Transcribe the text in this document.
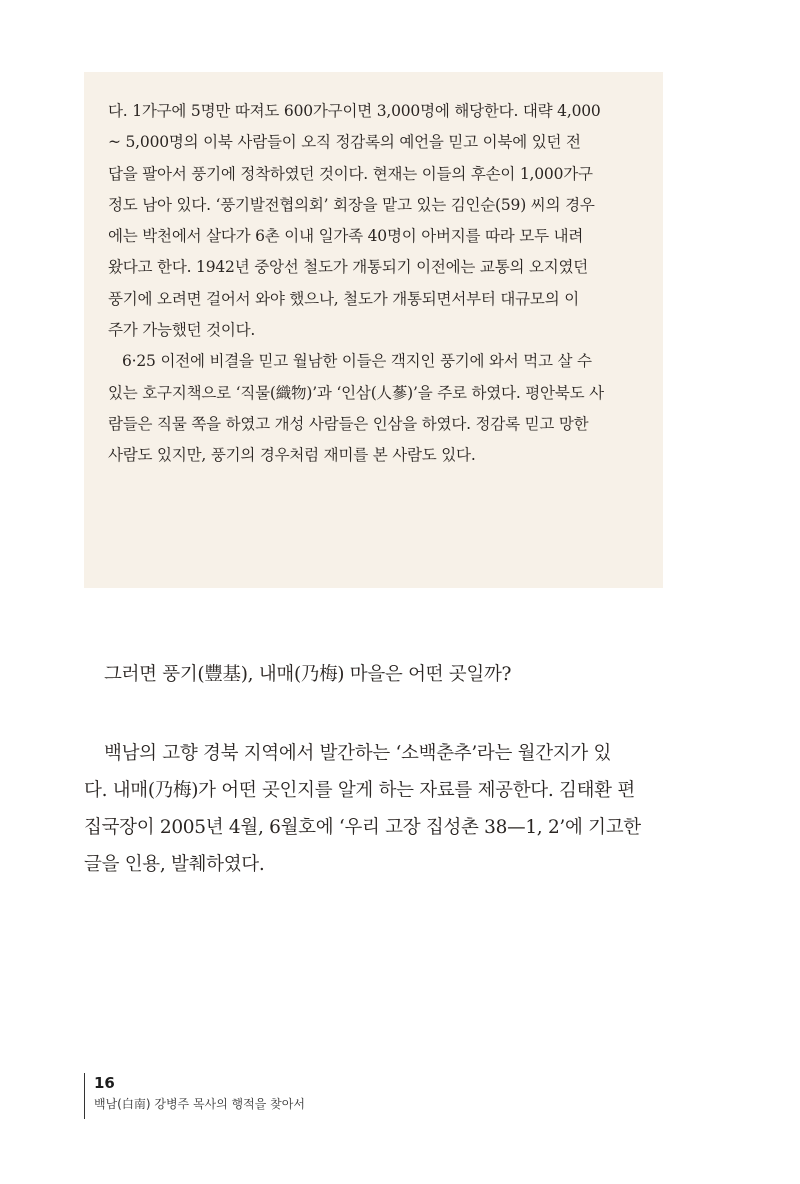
다. 1가구에 5명만 따져도 600가구이면 3,000명에 해당한다. 대략 4,000
~ 5,000명의 이북 사람들이 오직 정감록의 예언을 믿고 이북에 있던 전
답을 팔아서 풍기에 정착하였던 것이다. 현재는 이들의 후손이 1,000가구
정도 남아 있다. ‘풍기발전협의회’ 회장을 맡고 있는 김인순(59) 씨의 경우
에는 박천에서 살다가 6촌 이내 일가족 40명이 아버지를 따라 모두 내려
왔다고 한다. 1942년 중앙선 철도가 개통되기 이전에는 교통의 오지였던
풍기에 오려면 걸어서 와야 했으나, 철도가 개통되면서부터 대규모의 이
주가 가능했던 것이다.
6·25 이전에 비결을 믿고 월남한 이들은 객지인 풍기에 와서 먹고 살 수
있는 호구지책으로 ‘직물(織物)’과 ‘인삼(人蔘)’을 주로 하였다. 평안북도 사
람들은 직물 쪽을 하였고 개성 사람들은 인삼을 하였다. 정감록 믿고 망한
사람도 있지만, 풍기의 경우처럼 재미를 본 사람도 있다.
그러면 풍기(豐基), 내매(乃梅) 마을은 어떤 곳일까?
백남의 고향 경북 지역에서 발간하는 ‘소백춘추’라는 월간지가 있
다. 내매(乃梅)가 어떤 곳인지를 알게 하는 자료를 제공한다. 김태환 편
집국장이 2005년 4월, 6월호에 ‘우리 고장 집성촌 38—1, 2’에 기고한
글을 인용, 발췌하였다.
16
백남(白南) 강병주 목사의 행적을 찾아서
